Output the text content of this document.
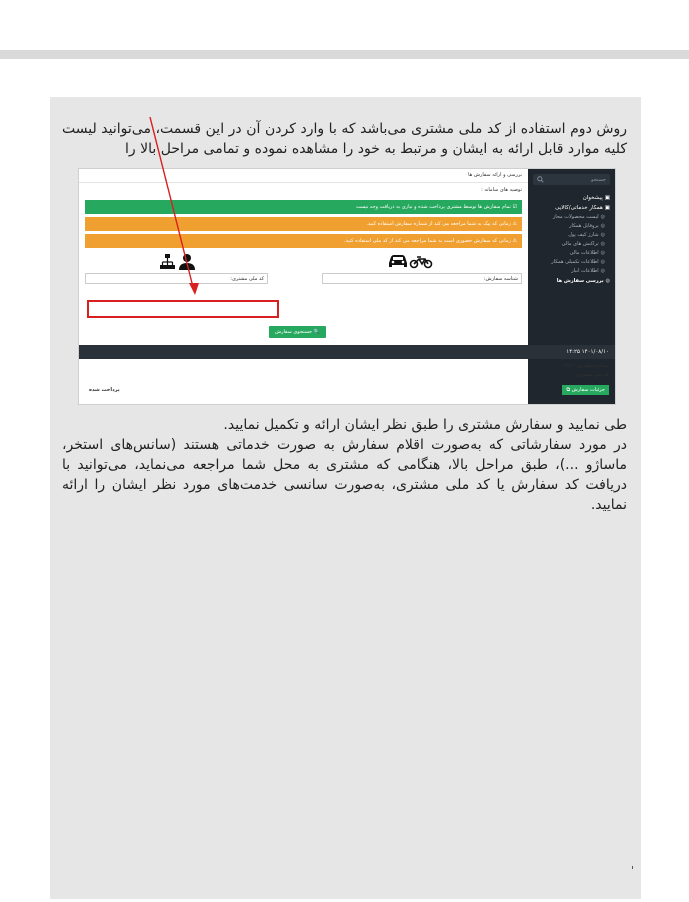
روش دوم استفاده از کد ملی مشتری می‌باشد که با وارد کردن آن در این قسمت، می‌توانید لیست کلیه موارد قابل ارائه به ایشان و مرتبط به خود را مشاهده نموده و تمامی مراحل بالا را

جستجو
▣
پیشخوان
▣
همکار خدماتی/کالایی
◎
لیست محصولات مجاز
◎
پروفایل همکار
◎
شارژ کیف پول
◎
تراکنش های مالی
◎
اطلاعات مالی
◎
اطلاعات تکمیلی همکار
◎
اطلاعات انبار
◎
بررسی سفارش ها
بررسی و ارائه سفارش ها
توصیه های سامانه :
☑ تمام سفارش ها توسط مشتری پرداخت شده و نیازی به دریافت وجه نیست
⚠ زمانی که پیک به شما مراجعه می کند از شماره سفارش استفاده کنید.
⚠ زمانی که سفارش حضوری است به شما مراجعه می کند از کد ملی استفاده کنید.
شناسه سفارش:
کد ملی مشتری:
🔍 جستجوی سفارش
۱۴۰۱/۰۸/۱۰ ۱۴:۲۵
شماره سفارش : ۱۴۵۶
کد ملی مشتری
جزئیات سفارش ⧉
پرداخت شده

طی نمایید و سفارش مشتری را طبق نظر ایشان ارائه و تکمیل نمایید.

در مورد سفارشاتی که به‌صورت اقلام سفارش به صورت خدماتی هستند (سانس‌های استخر، ماساژو ...)، طبق مراحل بالا، هنگامی که مشتری به محل شما مراجعه می‌نماید، می‌توانید با دریافت کد سفارش یا کد ملی مشتری، به‌صورت سانسی خدمت‌های مورد نظر ایشان را ارائه نمایید.
